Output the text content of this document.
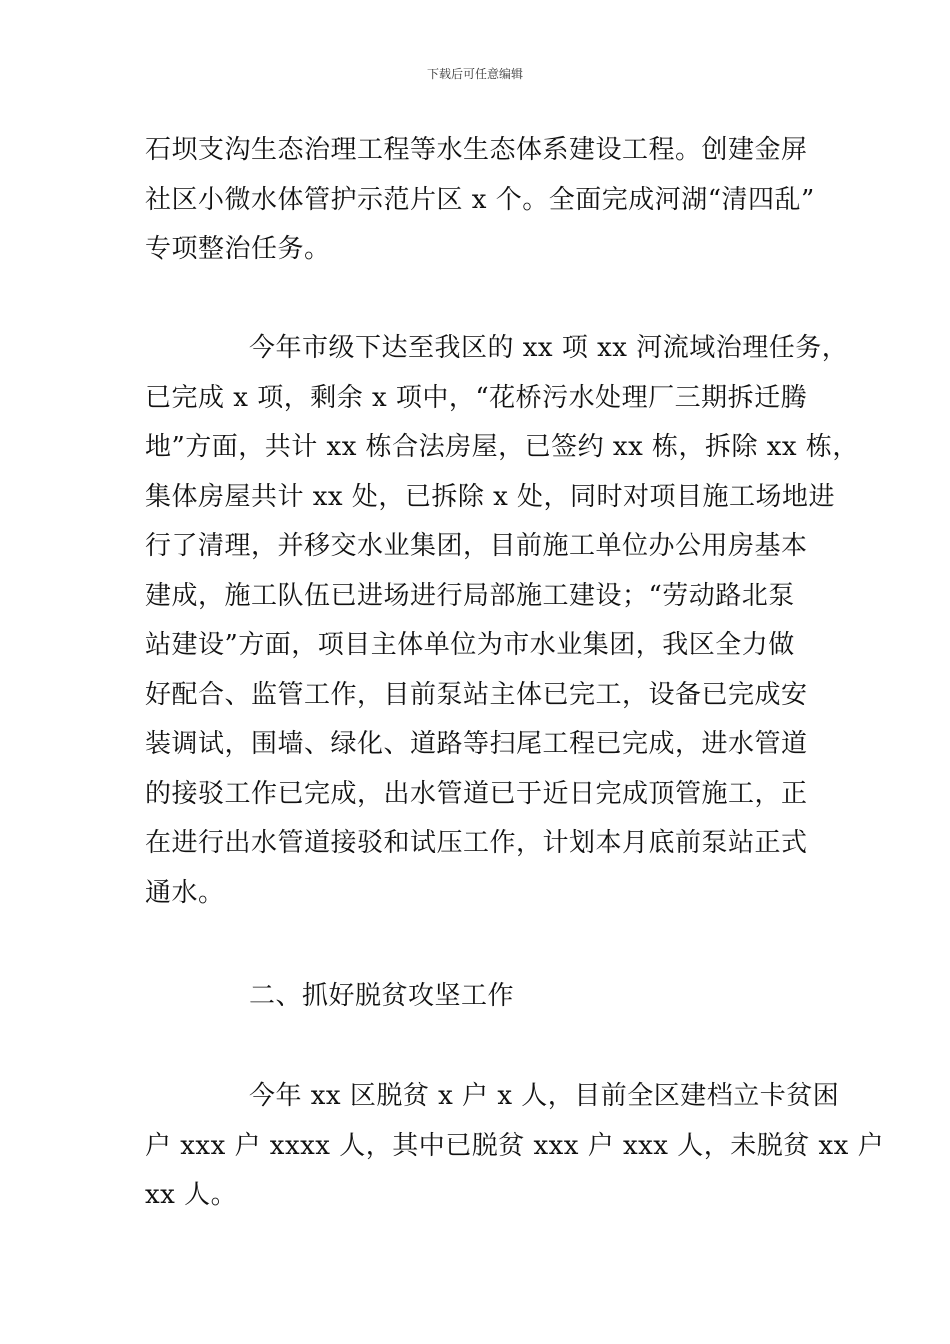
下载后可任意编辑
石坝支沟生态治理工程等水生态体系建设工程。创建金屏
社区小微水体管护示范片区 x 个。全面完成河湖“清四乱”
专项整治任务。
今年市级下达至我区的 xx 项 xx 河流域治理任务，
已完成 x 项，剩余 x 项中，“花桥污水处理厂三期拆迁腾
地”方面，共计 xx 栋合法房屋，已签约 xx 栋，拆除 xx 栋，
集体房屋共计 xx 处，已拆除 x 处，同时对项目施工场地进
行了清理，并移交水业集团，目前施工单位办公用房基本
建成，施工队伍已进场进行局部施工建设；“劳动路北泵
站建设”方面，项目主体单位为市水业集团，我区全力做
好配合、监管工作，目前泵站主体已完工，设备已完成安
装调试，围墙、绿化、道路等扫尾工程已完成，进水管道
的接驳工作已完成，出水管道已于近日完成顶管施工，正
在进行出水管道接驳和试压工作，计划本月底前泵站正式
通水。
二、抓好脱贫攻坚工作
今年 xx 区脱贫 x 户 x 人，目前全区建档立卡贫困
户 xxx 户 xxxx 人，其中已脱贫 xxx 户 xxx 人，未脱贫 xx 户
xx 人。
